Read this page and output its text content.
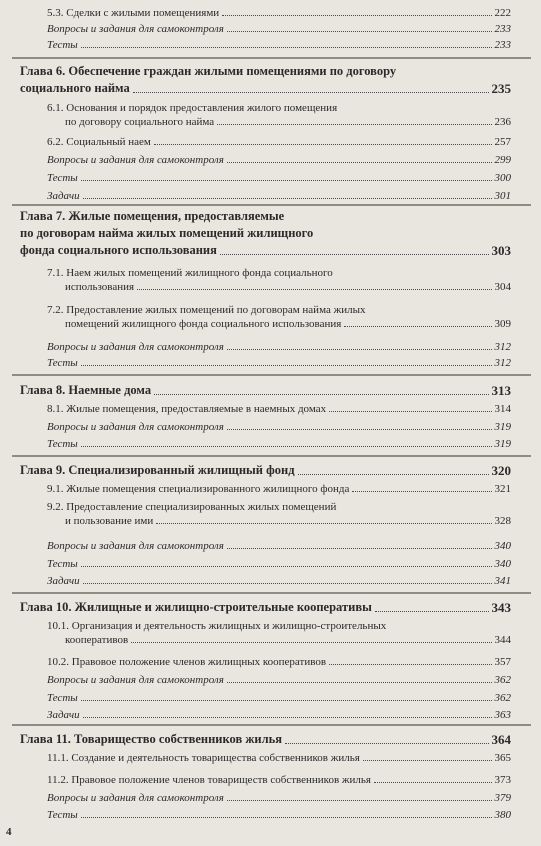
5.3. Сделки с жилыми помещениями	222
Вопросы и задания для самоконтроля	233
Тесты	233
Глава 6. Обеспечение граждан жилыми помещениями по договору
социального найма	235
6.1. Основания и порядок предоставления жилого помещения
по договору социального найма	236
6.2. Социальный наем	257
Вопросы и задания для самоконтроля	299
Тесты	300
Задачи	301
Глава 7. Жилые помещения, предоставляемые
по договорам найма жилых помещений жилищного
фонда социального использования	303
7.1. Наем жилых помещений жилищного фонда социального
использования	304
7.2. Предоставление жилых помещений по договорам найма жилых
помещений жилищного фонда социального использования	309
Вопросы и задания для самоконтроля	312
Тесты	312
Глава 8. Наемные дома	313
8.1. Жилые помещения, предоставляемые в наемных домах	314
Вопросы и задания для самоконтроля	319
Тесты	319
Глава 9. Специализированный жилищный фонд	320
9.1. Жилые помещения специализированного жилищного фонда	321
9.2. Предоставление специализированных жилых помещений
и пользование ими	328
Вопросы и задания для самоконтроля	340
Тесты	340
Задачи	341
Глава 10. Жилищные и жилищно-строительные кооперативы	343
10.1. Организация и деятельность жилищных и жилищно-строительных
кооперативов	344
10.2. Правовое положение членов жилищных кооперативов	357
Вопросы и задания для самоконтроля	362
Тесты	362
Задачи	363
Глава 11. Товарищество собственников жилья	364
11.1. Создание и деятельность товарищества собственников жилья	365
11.2. Правовое положение членов товариществ собственников жилья	373
Вопросы и задания для самоконтроля	379
Тесты	380
4
